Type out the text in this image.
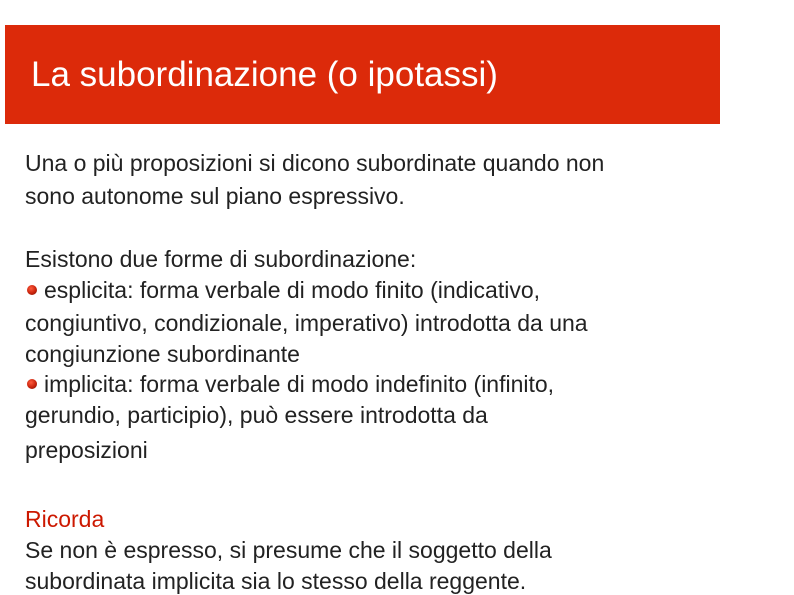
La subordinazione (o ipotassi)
Una o più proposizioni si dicono subordinate quando non
sono autonome sul piano espressivo.
Esistono due forme di subordinazione:
esplicita: forma verbale di modo finito (indicativo,
congiuntivo, condizionale, imperativo) introdotta da una
congiunzione subordinante
implicita: forma verbale di modo indefinito (infinito,
gerundio, participio), può essere introdotta da
preposizioni
Ricorda
Se non è espresso, si presume che il soggetto della
subordinata implicita sia lo stesso della reggente.
